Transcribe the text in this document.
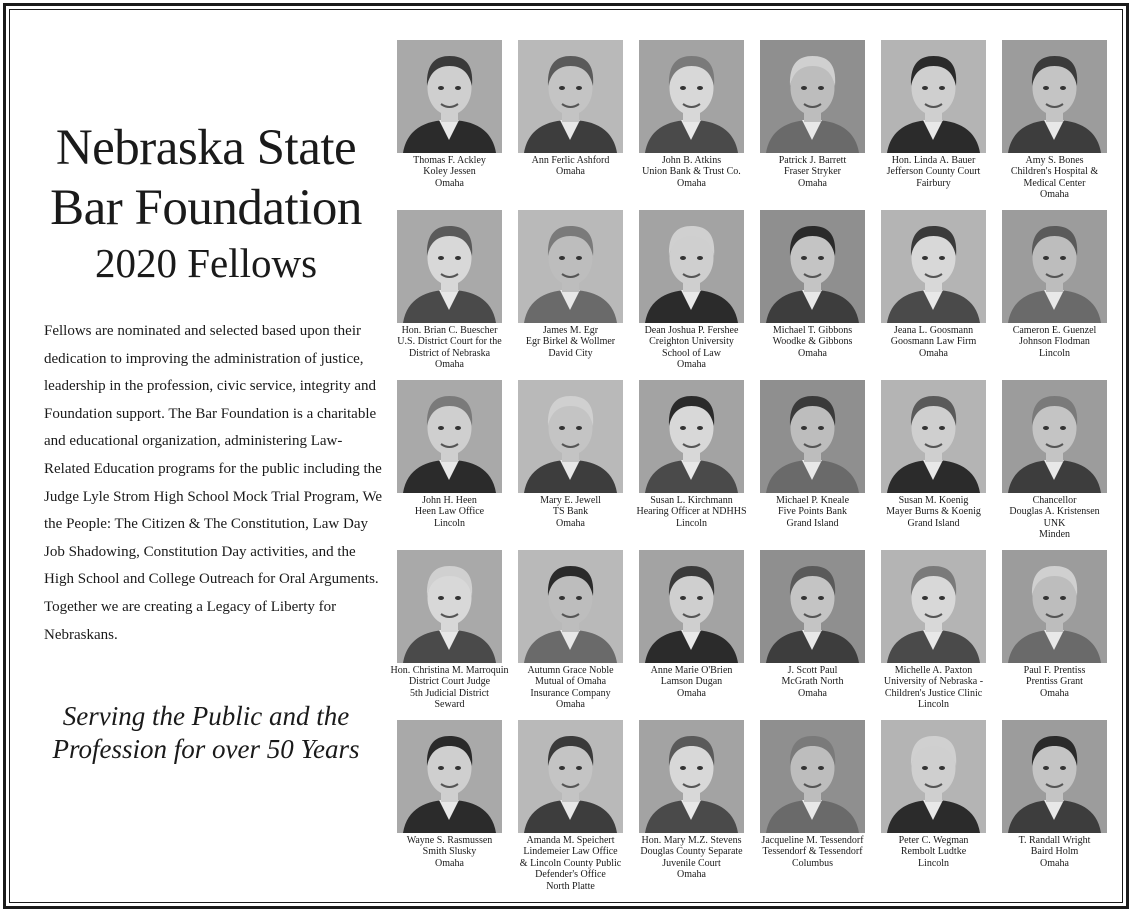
Nebraska State
Bar Foundation
2020 Fellows

Fellows are nominated and selected based upon their dedication to improving the administration of justice, leadership in the profession, civic service, integrity and Foundation support. The Bar Foundation is a charitable and educational organization, administering Law-Related Education programs for the public including the Judge Lyle Strom High School Mock Trial Program, We the People: The Citizen & The Constitution, Law Day Job Shadowing, Constitution Day activities, and the High School and College Outreach for Oral Arguments. Together we are creating a Legacy of Liberty for Nebraskans.

Serving the Public and the
Profession for over 50 Years

Thomas F. Ackley
Koley Jessen
Omaha
Ann Ferlic Ashford
Omaha
John B. Atkins
Union Bank & Trust Co.
Omaha
Patrick J. Barrett
Fraser Stryker
Omaha
Hon. Linda A. Bauer
Jefferson County Court
Fairbury
Amy S. Bones
Children's Hospital &
Medical Center
Omaha
Hon. Brian C. Buescher
U.S. District Court for the
District of Nebraska
Omaha
James M. Egr
Egr Birkel & Wollmer
David City
Dean Joshua P. Fershee
Creighton University
School of Law
Omaha
Michael T. Gibbons
Woodke & Gibbons
Omaha
Jeana L. Goosmann
Goosmann Law Firm
Omaha
Cameron E. Guenzel
Johnson Flodman
Lincoln
John H. Heen
Heen Law Office
Lincoln
Mary E. Jewell
TS Bank
Omaha
Susan L. Kirchmann
Hearing Officer at NDHHS
Lincoln
Michael P. Kneale
Five Points Bank
Grand Island
Susan M. Koenig
Mayer Burns & Koenig
Grand Island
Chancellor
Douglas A. Kristensen
UNK
Minden
Hon. Christina M. Marroquin
District Court Judge
5th Judicial District
Seward
Autumn Grace Noble
Mutual of Omaha
Insurance Company
Omaha
Anne Marie O'Brien
Lamson Dugan
Omaha
J. Scott Paul
McGrath North
Omaha
Michelle A. Paxton
University of Nebraska -
Children's Justice Clinic
Lincoln
Paul F. Prentiss
Prentiss Grant
Omaha
Wayne S. Rasmussen
Smith Slusky
Omaha
Amanda M. Speichert
Lindemeier Law Office
& Lincoln County Public
Defender's Office
North Platte
Hon. Mary M.Z. Stevens
Douglas County Separate
Juvenile Court
Omaha
Jacqueline M. Tessendorf
Tessendorf & Tessendorf
Columbus
Peter C. Wegman
Rembolt Ludtke
Lincoln
T. Randall Wright
Baird Holm
Omaha
